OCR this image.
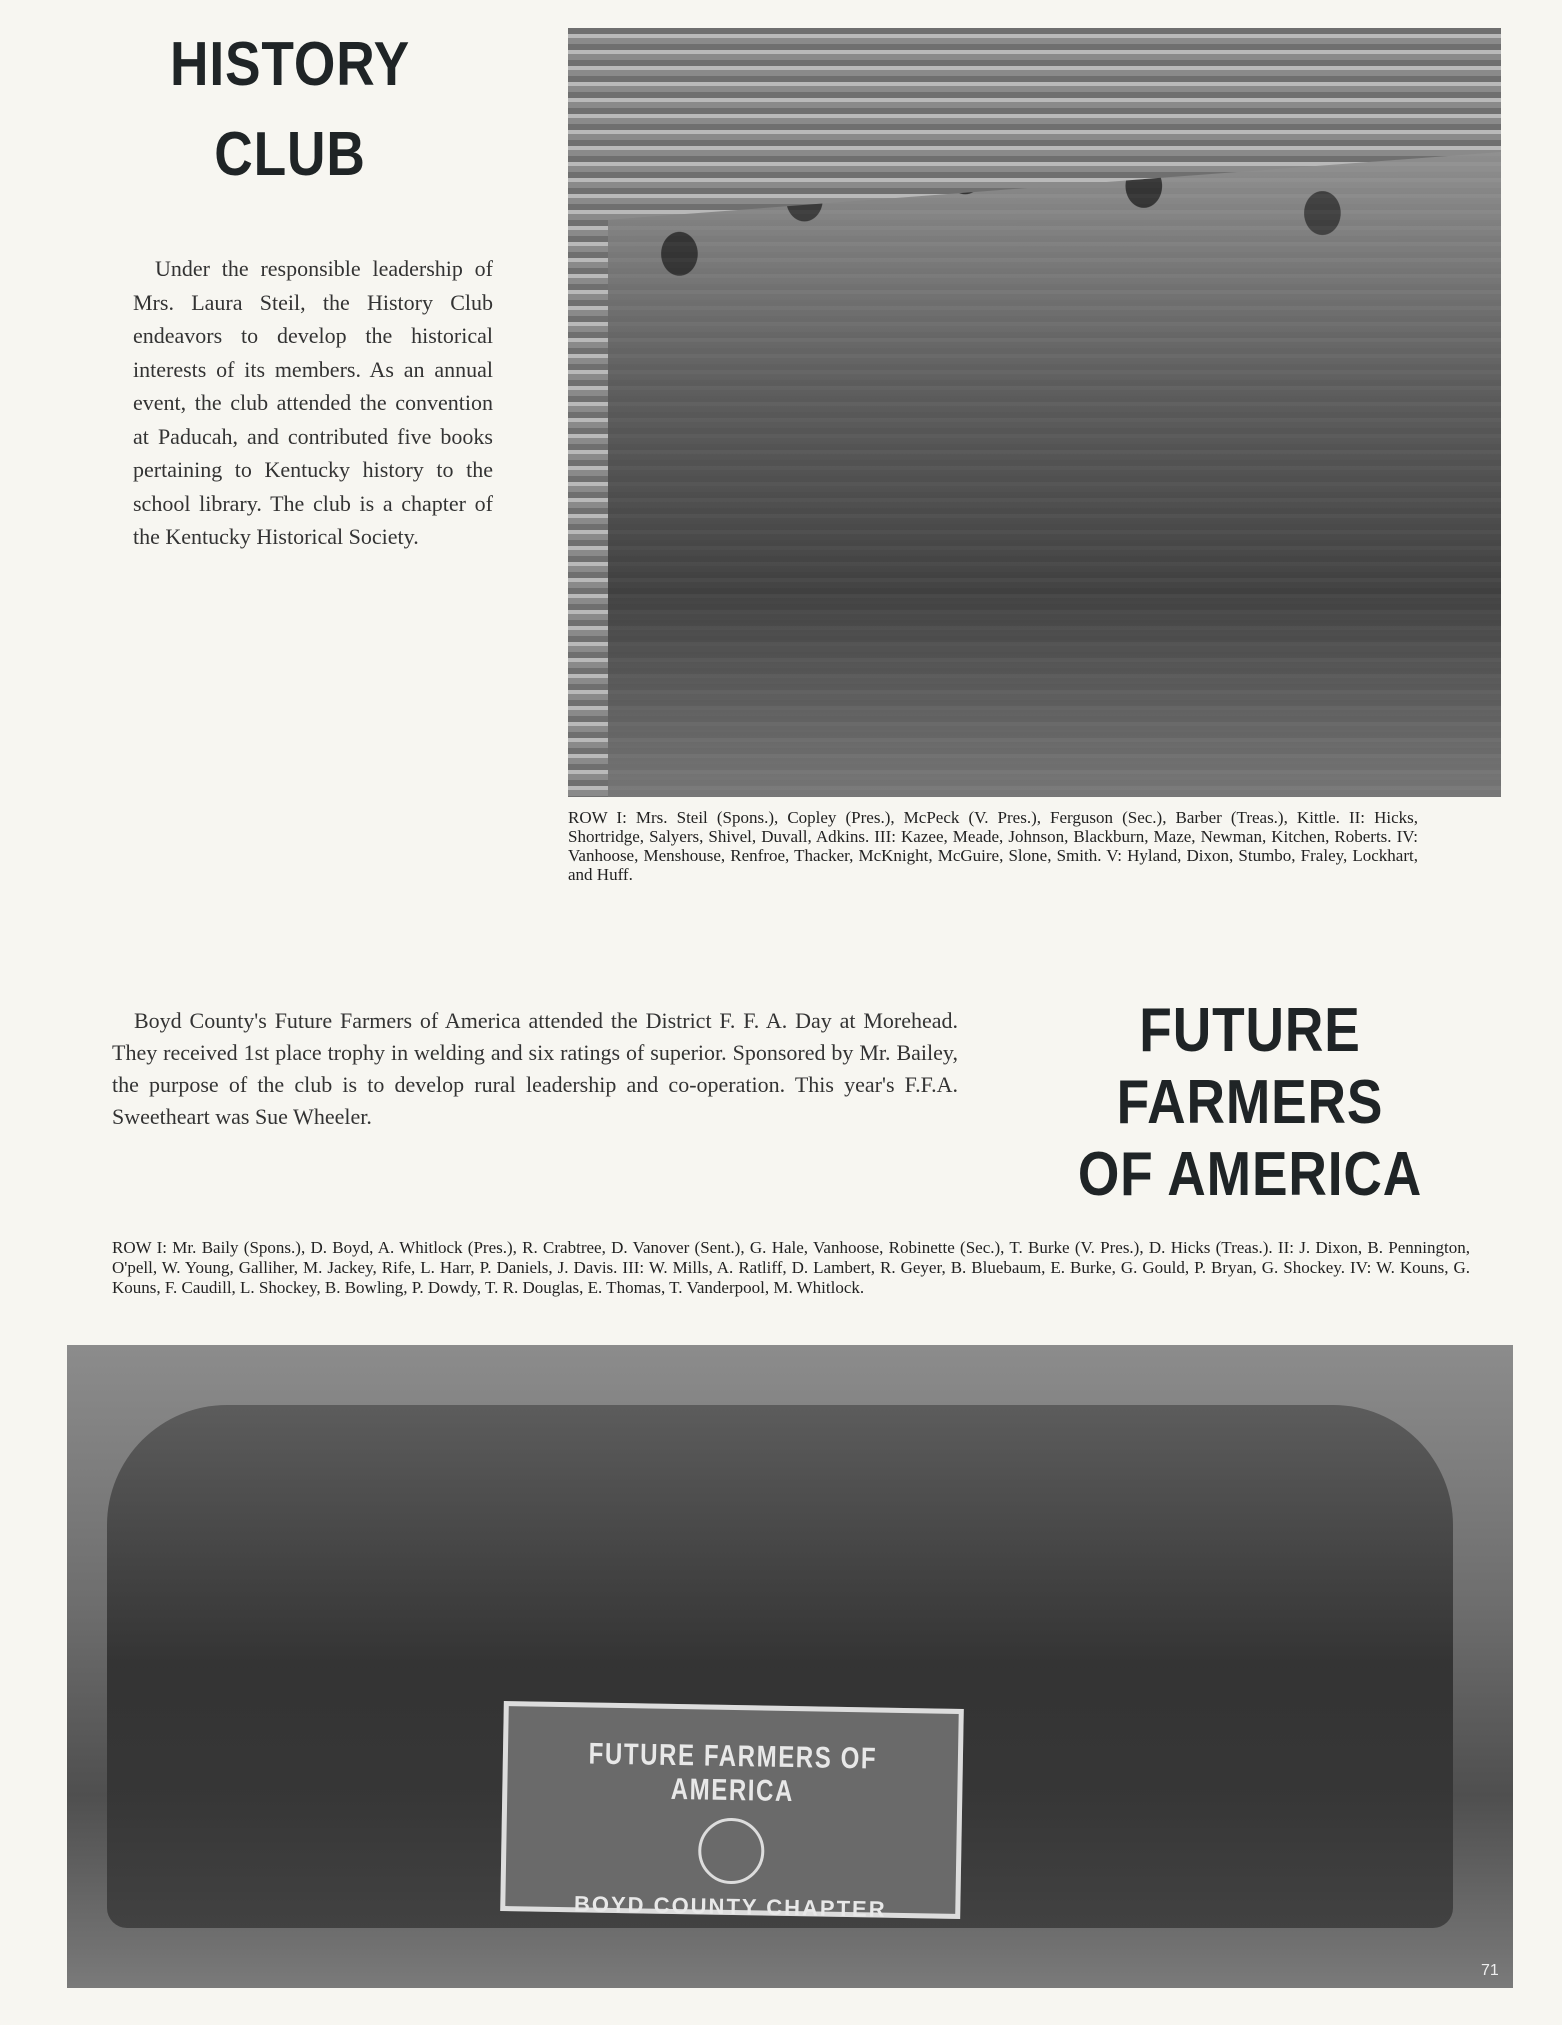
HISTORY
CLUB
Under the responsible leadership of Mrs. Laura Steil, the History Club endeavors to develop the historical interests of its members. As an annual event, the club attended the convention at Paducah, and contributed five books pertaining to Kentucky history to the school library. The club is a chapter of the Kentucky Historical Society.
ROW I: Mrs. Steil (Spons.), Copley (Pres.), McPeck (V. Pres.), Ferguson (Sec.), Barber (Treas.), Kittle. II: Hicks, Shortridge, Salyers, Shivel, Duvall, Adkins. III: Kazee, Meade, Johnson, Blackburn, Maze, Newman, Kitchen, Roberts. IV: Vanhoose, Menshouse, Renfroe, Thacker, McKnight, McGuire, Slone, Smith. V: Hyland, Dixon, Stumbo, Fraley, Lockhart, and Huff.
Boyd County's Future Farmers of America attended the District F. F. A. Day at Morehead. They received 1st place trophy in welding and six ratings of superior. Sponsored by Mr. Bailey, the purpose of the club is to develop rural leadership and co-operation. This year's F.F.A. Sweetheart was Sue Wheeler.
FUTURE FARMERS
OF AMERICA
ROW I: Mr. Baily (Spons.), D. Boyd, A. Whitlock (Pres.), R. Crabtree, D. Vanover (Sent.), G. Hale, Vanhoose, Robinette (Sec.), T. Burke (V. Pres.), D. Hicks (Treas.). II: J. Dixon, B. Pennington, O'pell, W. Young, Galliher, M. Jackey, Rife, L. Harr, P. Daniels, J. Davis. III: W. Mills, A. Ratliff, D. Lambert, R. Geyer, B. Bluebaum, E. Burke, G. Gould, P. Bryan, G. Shockey. IV: W. Kouns, G. Kouns, F. Caudill, L. Shockey, B. Bowling, P. Dowdy, T. R. Douglas, E. Thomas, T. Vanderpool, M. Whitlock.
FUTURE FARMERS OF AMERICA
BOYD COUNTY CHAPTER
71
